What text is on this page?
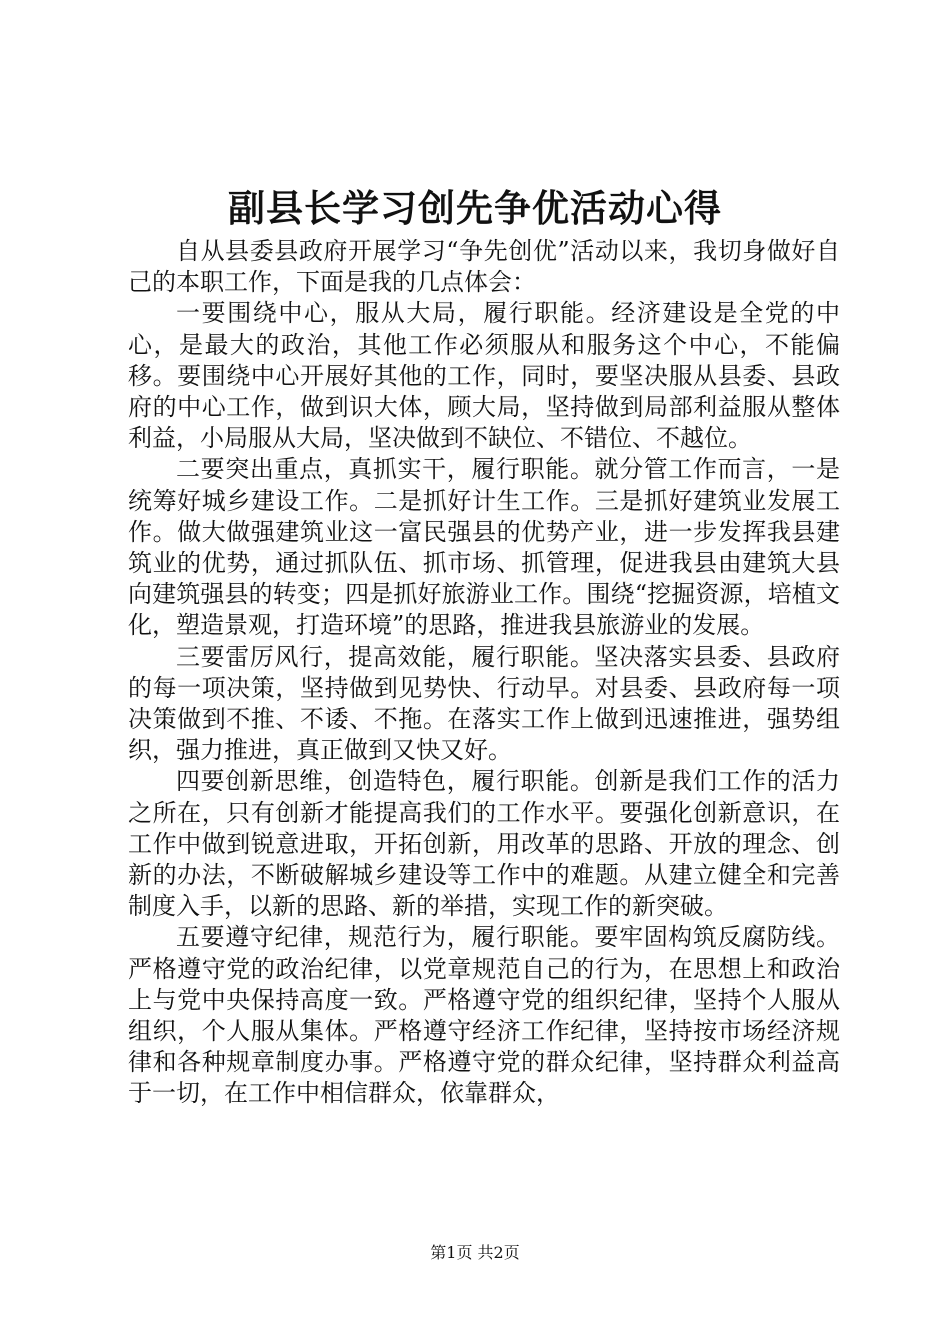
副县长学习创先争优活动心得

自从县委县政府开展学习“争先创优”活动以来，我切身做好自己的本职工作，下面是我的几点体会：

一要围绕中心，服从大局，履行职能。经济建设是全党的中心，是最大的政治，其他工作必须服从和服务这个中心，不能偏移。要围绕中心开展好其他的工作，同时，要坚决服从县委、县政府的中心工作，做到识大体，顾大局，坚持做到局部利益服从整体利益，小局服从大局，坚决做到不缺位、不错位、不越位。

二要突出重点，真抓实干，履行职能。就分管工作而言，一是统筹好城乡建设工作。二是抓好计生工作。三是抓好建筑业发展工作。做大做强建筑业这一富民强县的优势产业，进一步发挥我县建筑业的优势，通过抓队伍、抓市场、抓管理，促进我县由建筑大县向建筑强县的转变；四是抓好旅游业工作。围绕“挖掘资源，培植文化，塑造景观，打造环境”的思路，推进我县旅游业的发展。

三要雷厉风行，提高效能，履行职能。坚决落实县委、县政府的每一项决策，坚持做到见势快、行动早。对县委、县政府每一项决策做到不推、不诿、不拖。在落实工作上做到迅速推进，强势组织，强力推进，真正做到又快又好。

四要创新思维，创造特色，履行职能。创新是我们工作的活力之所在，只有创新才能提高我们的工作水平。要强化创新意识，在工作中做到锐意进取，开拓创新，用改革的思路、开放的理念、创新的办法，不断破解城乡建设等工作中的难题。从建立健全和完善制度入手，以新的思路、新的举措，实现工作的新突破。

五要遵守纪律，规范行为，履行职能。要牢固构筑反腐防线。严格遵守党的政治纪律，以党章规范自己的行为，在思想上和政治上与党中央保持高度一致。严格遵守党的组织纪律，坚持个人服从组织，个人服从集体。严格遵守经济工作纪律，坚持按市场经济规律和各种规章制度办事。严格遵守党的群众纪律，坚持群众利益高于一切，在工作中相信群众，依靠群众，

第1页 共2页
